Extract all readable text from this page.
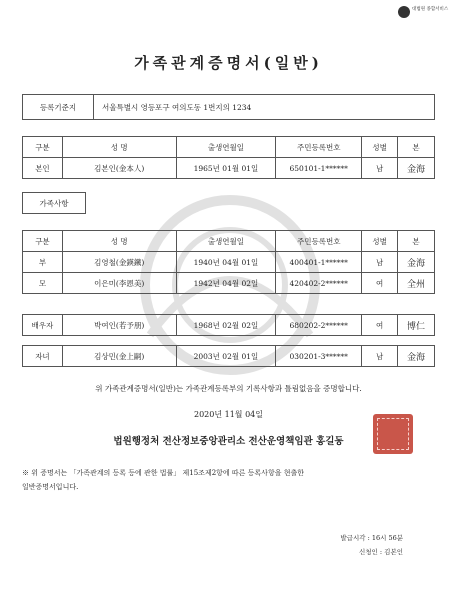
대법원 종합서비스
가족관계증명서(일반)
등록기준지	서울특별시 영등포구 여의도동 1번지의 1234
구분	성 명	출생연월일	주민등록번호	성별	본
본인	김본인(金本人)	1965년 01월 01일	650101-1******	남	金海
가족사항
구분	성 명	출생연월일	주민등록번호	성별	본
부	김영철(金鍈鐵)	1940년 04월 01일	400401-1******	남	金海
모	이은미(李恩美)	1942년 04월 02일	420402-2******	여	全州
배우자	박여인(若予朋)	1968년 02월 02일	680202-2******	여	博仁
자녀	김상민(金上嗣)	2003년 02월 01일	030201-3******	남	金海
위 가족관계증명서(일반)는 가족관계등록부의 기록사항과 틀림없음을 증명합니다.
2020년 11월 04일
법원행정처 전산정보중앙관리소 전산운영책임관 홍길동
※ 위 증명서는 「가족관계의 등록 등에 관한 법률」 제15조제2항에 따른 등록사항을 현출한
일반증명서입니다.
발급시각 : 16시 56분
신청인 : 김본인
